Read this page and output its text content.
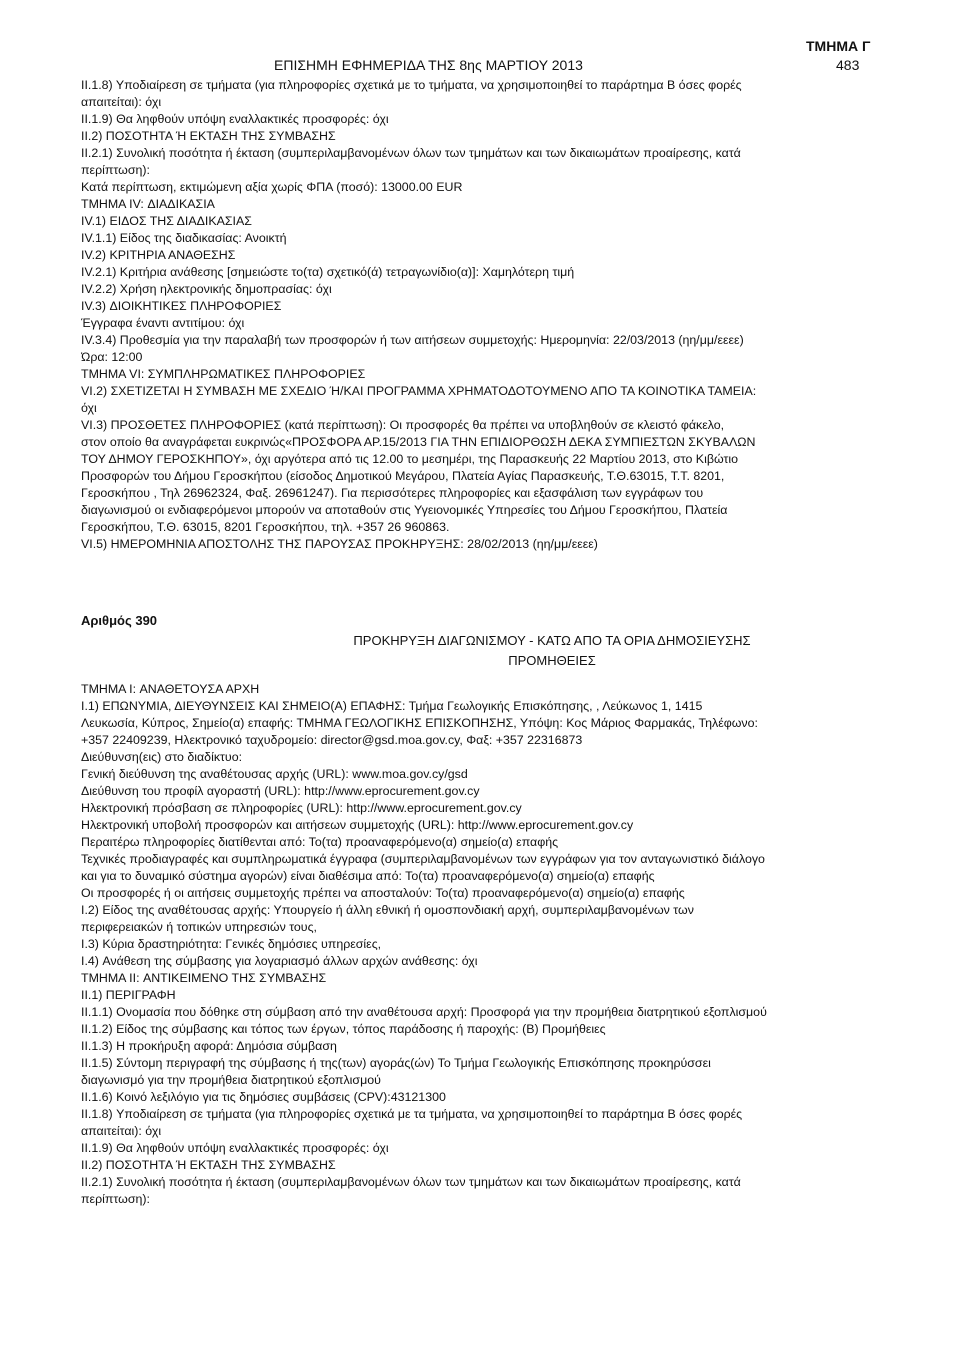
ΤΜΗΜΑ Γ
ΕΠΙΣΗΜΗ ΕΦΗΜΕΡΙΔΑ ΤΗΣ 8ης ΜΑΡΤΙΟΥ 2013	483
ΙΙ.1.8) Υποδιαίρεση σε τμήματα (για πληροφορίες σχετικά με το τμήματα, να χρησιμοποιηθεί το παράρτημα Β όσες φορές
απαιτείται): όχι
ΙΙ.1.9) Θα ληφθούν υπόψη εναλλακτικές προσφορές: όχι
ΙΙ.2) ΠΟΣΟΤΗΤΑ Ή ΕΚΤΑΣΗ ΤΗΣ ΣΥΜΒΑΣΗΣ
ΙΙ.2.1) Συνολική ποσότητα ή έκταση (συμπεριλαμβανομένων όλων των τμημάτων και των δικαιωμάτων προαίρεσης, κατά
περίπτωση):
Κατά περίπτωση, εκτιμώμενη αξία χωρίς ΦΠΑ (ποσό): 13000.00 EUR
ΤΜΗΜΑ IV: ΔΙΑΔΙΚΑΣΙΑ
IV.1) ΕΙΔΟΣ ΤΗΣ ΔΙΑΔΙΚΑΣΙΑΣ
IV.1.1) Είδος της διαδικασίας: Ανοικτή
IV.2) ΚΡΙΤΗΡΙΑ ΑΝΑΘΕΣΗΣ
IV.2.1) Κριτήρια ανάθεσης [σημειώστε το(τα) σχετικό(ά) τετραγωνίδιο(α)]: Χαμηλότερη τιμή
IV.2.2) Χρήση ηλεκτρονικής δημοπρασίας: όχι
IV.3) ΔΙΟΙΚΗΤΙΚΕΣ ΠΛΗΡΟΦΟΡΙΕΣ
Έγγραφα έναντι αντιτίμου: όχι
IV.3.4) Προθεσμία για την παραλαβή των προσφορών ή των αιτήσεων συμμετοχής: Ημερομηνία: 22/03/2013 (ηη/μμ/εεεε)
Ώρα: 12:00
ΤΜΗΜΑ VI: ΣΥΜΠΛΗΡΩΜΑΤΙΚΕΣ ΠΛΗΡΟΦΟΡΙΕΣ
VI.2) ΣΧΕΤΙΖΕΤΑΙ Η ΣΥΜΒΑΣΗ ΜΕ ΣΧΕΔΙΟ Ή/ΚΑΙ ΠΡΟΓΡΑΜΜΑ ΧΡΗΜΑΤΟΔΟΤΟΥΜΕΝΟ ΑΠΟ ΤΑ ΚΟΙΝΟΤΙΚΑ ΤΑΜΕΙΑ:
όχι
VI.3) ΠΡΟΣΘΕΤΕΣ ΠΛΗΡΟΦΟΡΙΕΣ (κατά περίπτωση): Οι προσφορές θα πρέπει να υποβληθούν σε κλειστό φάκελο,
στον οποίο θα αναγράφεται ευκρινώς«ΠΡΟΣΦΟΡΑ ΑΡ.15/2013 ΓΙΑ ΤΗΝ ΕΠΙΔΙΟΡΘΩΣΗ ΔΕΚΑ ΣΥΜΠΙΕΣΤΩΝ ΣΚΥΒΑΛΩΝ
ΤΟΥ ΔΗΜΟΥ ΓΕΡΟΣΚΗΠΟΥ», όχι αργότερα από τις 12.00 το μεσημέρι, της Παρασκευής 22 Μαρτίου 2013, στο Κιβώτιο
Προσφορών του Δήμου Γεροσκήπου (είσοδος Δημοτικού Μεγάρου, Πλατεία Αγίας Παρασκευής, Τ.Θ.63015, Τ.Τ. 8201,
Γεροσκήπου , Τηλ 26962324, Φαξ. 26961247). Για περισσότερες πληροφορίες και εξασφάλιση των εγγράφων του
διαγωνισμού οι ενδιαφερόμενοι μπορούν να αποταθούν στις Υγειονομικές Υπηρεσίες του Δήμου Γεροσκήπου, Πλατεία
Γεροσκήπου, Τ.Θ. 63015, 8201 Γεροσκήπου, τηλ. +357 26 960863.
VI.5) ΗΜΕΡΟΜΗΝΙΑ ΑΠΟΣΤΟΛΗΣ ΤΗΣ ΠΑΡΟΥΣΑΣ ΠΡΟΚΗΡΥΞΗΣ: 28/02/2013 (ηη/μμ/εεεε)
Αριθμός 390
ΠΡΟΚΗΡΥΞΗ ΔΙΑΓΩΝΙΣΜΟΥ - ΚΑΤΩ ΑΠΟ ΤΑ ΟΡΙΑ ΔΗΜΟΣΙΕΥΣΗΣ
ΠΡΟΜΗΘΕΙΕΣ
ΤΜΗΜΑ I: ΑΝΑΘΕΤΟΥΣΑ ΑΡΧΗ
I.1) ΕΠΩΝΥΜΙΑ, ΔΙΕΥΘΥΝΣΕΙΣ ΚΑΙ ΣΗΜΕΙΟ(Α) ΕΠΑΦΗΣ: Τμήμα Γεωλογικής Επισκόπησης, , Λεύκωνος 1, 1415
Λευκωσία, Κύπρος, Σημείο(α) επαφής: ΤΜΗΜΑ ΓΕΩΛΟΓΙΚΗΣ ΕΠΙΣΚΟΠΗΣΗΣ, Υπόψη: Κος Μάριος Φαρμακάς, Τηλέφωνο:
+357 22409239, Ηλεκτρονικό ταχυδρομείο: director@gsd.moa.gov.cy, Φαξ: +357 22316873
Διεύθυνση(εις) στο διαδίκτυο:
Γενική διεύθυνση της αναθέτουσας αρχής (URL): www.moa.gov.cy/gsd
Διεύθυνση του προφίλ αγοραστή (URL): http://www.eprocurement.gov.cy
Ηλεκτρονική πρόσβαση σε πληροφορίες (URL): http://www.eprocurement.gov.cy
Ηλεκτρονική υποβολή προσφορών και αιτήσεων συμμετοχής (URL): http://www.eprocurement.gov.cy
Περαιτέρω πληροφορίες διατίθενται από: Το(τα) προαναφερόμενο(α) σημείο(α) επαφής
Τεχνικές προδιαγραφές και συμπληρωματικά έγγραφα (συμπεριλαμβανομένων των εγγράφων για τον ανταγωνιστικό διάλογο
και για το δυναμικό σύστημα αγορών) είναι διαθέσιμα από: Το(τα) προαναφερόμενο(α) σημείο(α) επαφής
Οι προσφορές ή οι αιτήσεις συμμετοχής πρέπει να αποσταλούν: Το(τα) προαναφερόμενο(α) σημείο(α) επαφής
I.2) Είδος της αναθέτουσας αρχής: Υπουργείο ή άλλη εθνική ή ομοσπονδιακή αρχή, συμπεριλαμβανομένων των
περιφερειακών ή τοπικών υπηρεσιών τους,
I.3) Κύρια δραστηριότητα: Γενικές δημόσιες υπηρεσίες,
I.4) Ανάθεση της σύμβασης για λογαριασμό άλλων αρχών ανάθεσης: όχι
ΤΜΗΜΑ II: ΑΝΤΙΚΕΙΜΕΝΟ ΤΗΣ ΣΥΜΒΑΣΗΣ
II.1) ΠΕΡΙΓΡΑΦΗ
II.1.1) Ονομασία που δόθηκε στη σύμβαση από την αναθέτουσα αρχή: Προσφορά για την προμήθεια διατρητικού εξοπλισμού
II.1.2) Είδος της σύμβασης και τόπος των έργων, τόπος παράδοσης ή παροχής: (Β) Προμήθειες
II.1.3) Η προκήρυξη αφορά: Δημόσια σύμβαση
II.1.5) Σύντομη περιγραφή της σύμβασης ή της(των) αγοράς(ών) Το Τμήμα Γεωλογικής Επισκόπησης προκηρύσσει
διαγωνισμό για την προμήθεια διατρητικού εξοπλισμού
II.1.6) Κοινό λεξιλόγιο για τις δημόσιες συμβάσεις (CPV):43121300
II.1.8) Υποδιαίρεση σε τμήματα (για πληροφορίες σχετικά με τα τμήματα, να χρησιμοποιηθεί το παράρτημα Β όσες φορές
απαιτείται): όχι
II.1.9) Θα ληφθούν υπόψη εναλλακτικές προσφορές: όχι
II.2) ΠΟΣΟΤΗΤΑ Ή ΕΚΤΑΣΗ ΤΗΣ ΣΥΜΒΑΣΗΣ
II.2.1) Συνολική ποσότητα ή έκταση (συμπεριλαμβανομένων όλων των τμημάτων και των δικαιωμάτων προαίρεσης, κατά
περίπτωση):
